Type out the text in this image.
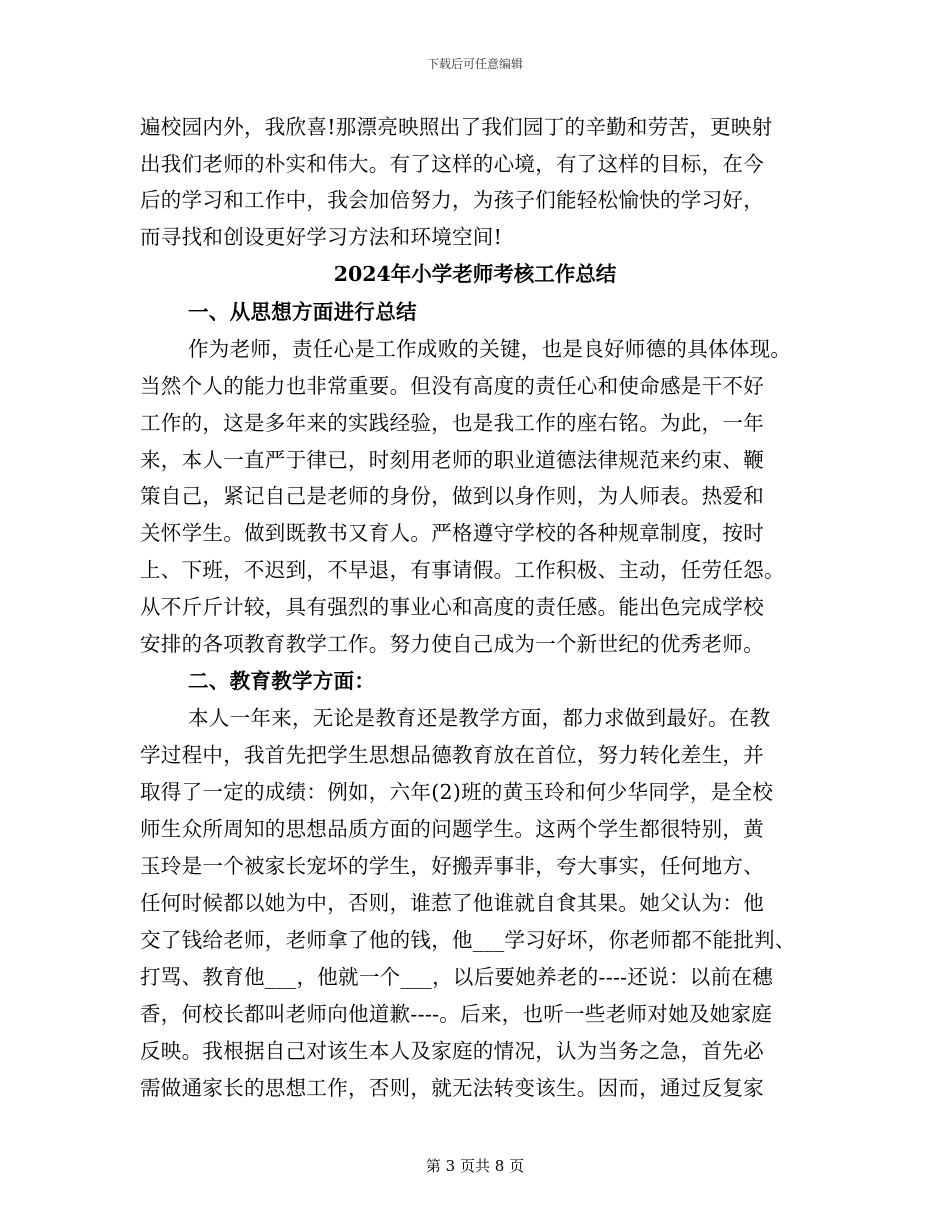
下载后可任意编辑
遍校园内外，我欣喜!那漂亮映照出了我们园丁的辛勤和劳苦，更映射
出我们老师的朴实和伟大。有了这样的心境，有了这样的目标，在今
后的学习和工作中，我会加倍努力，为孩子们能轻松愉快的学习好，
而寻找和创设更好学习方法和环境空间!
2024年小学老师考核工作总结
一、从思想方面进行总结
作为老师，责任心是工作成败的关键，也是良好师德的具体体现。
当然个人的能力也非常重要。但没有高度的责任心和使命感是干不好
工作的，这是多年来的实践经验，也是我工作的座右铭。为此，一年
来，本人一直严于律已，时刻用老师的职业道德法律规范来约束、鞭
策自己，紧记自己是老师的身份，做到以身作则，为人师表。热爱和
关怀学生。做到既教书又育人。严格遵守学校的各种规章制度，按时
上、下班，不迟到，不早退，有事请假。工作积极、主动，任劳任怨。
从不斤斤计较，具有强烈的事业心和高度的责任感。能出色完成学校
安排的各项教育教学工作。努力使自己成为一个新世纪的优秀老师。
二、教育教学方面：
本人一年来，无论是教育还是教学方面，都力求做到最好。在教
学过程中，我首先把学生思想品德教育放在首位，努力转化差生，并
取得了一定的成绩：例如，六年(2)班的黄玉玲和何少华同学，是全校
师生众所周知的思想品质方面的问题学生。这两个学生都很特别，黄
玉玲是一个被家长宠坏的学生，好搬弄事非，夸大事实，任何地方、
任何时候都以她为中，否则，谁惹了他谁就自食其果。她父认为：他
交了钱给老师，老师拿了他的钱，他___学习好坏，你老师都不能批判、
打骂、教育他___，他就一个___，以后要她养老的----还说：以前在穗
香，何校长都叫老师向他道歉----。后来，也听一些老师对她及她家庭
反映。我根据自己对该生本人及家庭的情况，认为当务之急，首先必
需做通家长的思想工作，否则，就无法转变该生。因而，通过反复家
第 3 页共 8 页
